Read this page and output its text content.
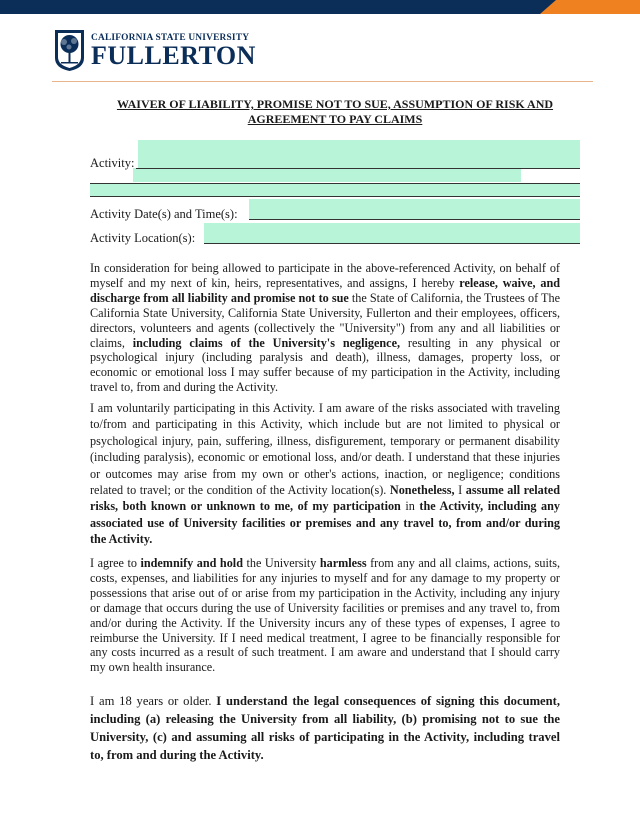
CALIFORNIA STATE UNIVERSITY
FULLERTON
WAIVER OF LIABILITY, PROMISE NOT TO SUE, ASSUMPTION OF RISK AND
AGREEMENT TO PAY CLAIMS
Activity:
Activity Date(s) and Time(s):
Activity Location(s):
In consideration for being allowed to participate in the above-referenced Activity, on behalf of myself and my next of kin, heirs, representatives, and assigns, I hereby release, waive, and discharge from all liability and promise not to sue the State of California, the Trustees of The California State University, California State University, Fullerton and their employees, officers, directors, volunteers and agents (collectively the "University") from any and all liabilities or claims, including claims of the University's negligence, resulting in any physical or psychological injury (including paralysis and death), illness, damages, property loss, or economic or emotional loss I may suffer because of my participation in the Activity, including travel to, from and during the Activity.
I am voluntarily participating in this Activity. I am aware of the risks associated with traveling to/from and participating in this Activity, which include but are not limited to physical or psychological injury, pain, suffering, illness, disfigurement, temporary or permanent disability (including paralysis), economic or emotional loss, and/or death. I understand that these injuries or outcomes may arise from my own or other's actions, inaction, or negligence; conditions related to travel; or the condition of the Activity location(s). Nonetheless, I assume all related risks, both known or unknown to me, of my participation in the Activity, including any associated use of University facilities or premises and any travel to, from and/or during the Activity.
I agree to indemnify and hold the University harmless from any and all claims, actions, suits, costs, expenses, and liabilities for any injuries to myself and for any damage to my property or possessions that arise out of or arise from my participation in the Activity, including any injury or damage that occurs during the use of University facilities or premises and any travel to, from and/or during the Activity. If the University incurs any of these types of expenses, I agree to reimburse the University. If I need medical treatment, I agree to be financially responsible for any costs incurred as a result of such treatment. I am aware and understand that I should carry my own health insurance.
I am 18 years or older. I understand the legal consequences of signing this document, including (a) releasing the University from all liability, (b) promising not to sue the University, (c) and assuming all risks of participating in the Activity, including travel to, from and during the Activity.
